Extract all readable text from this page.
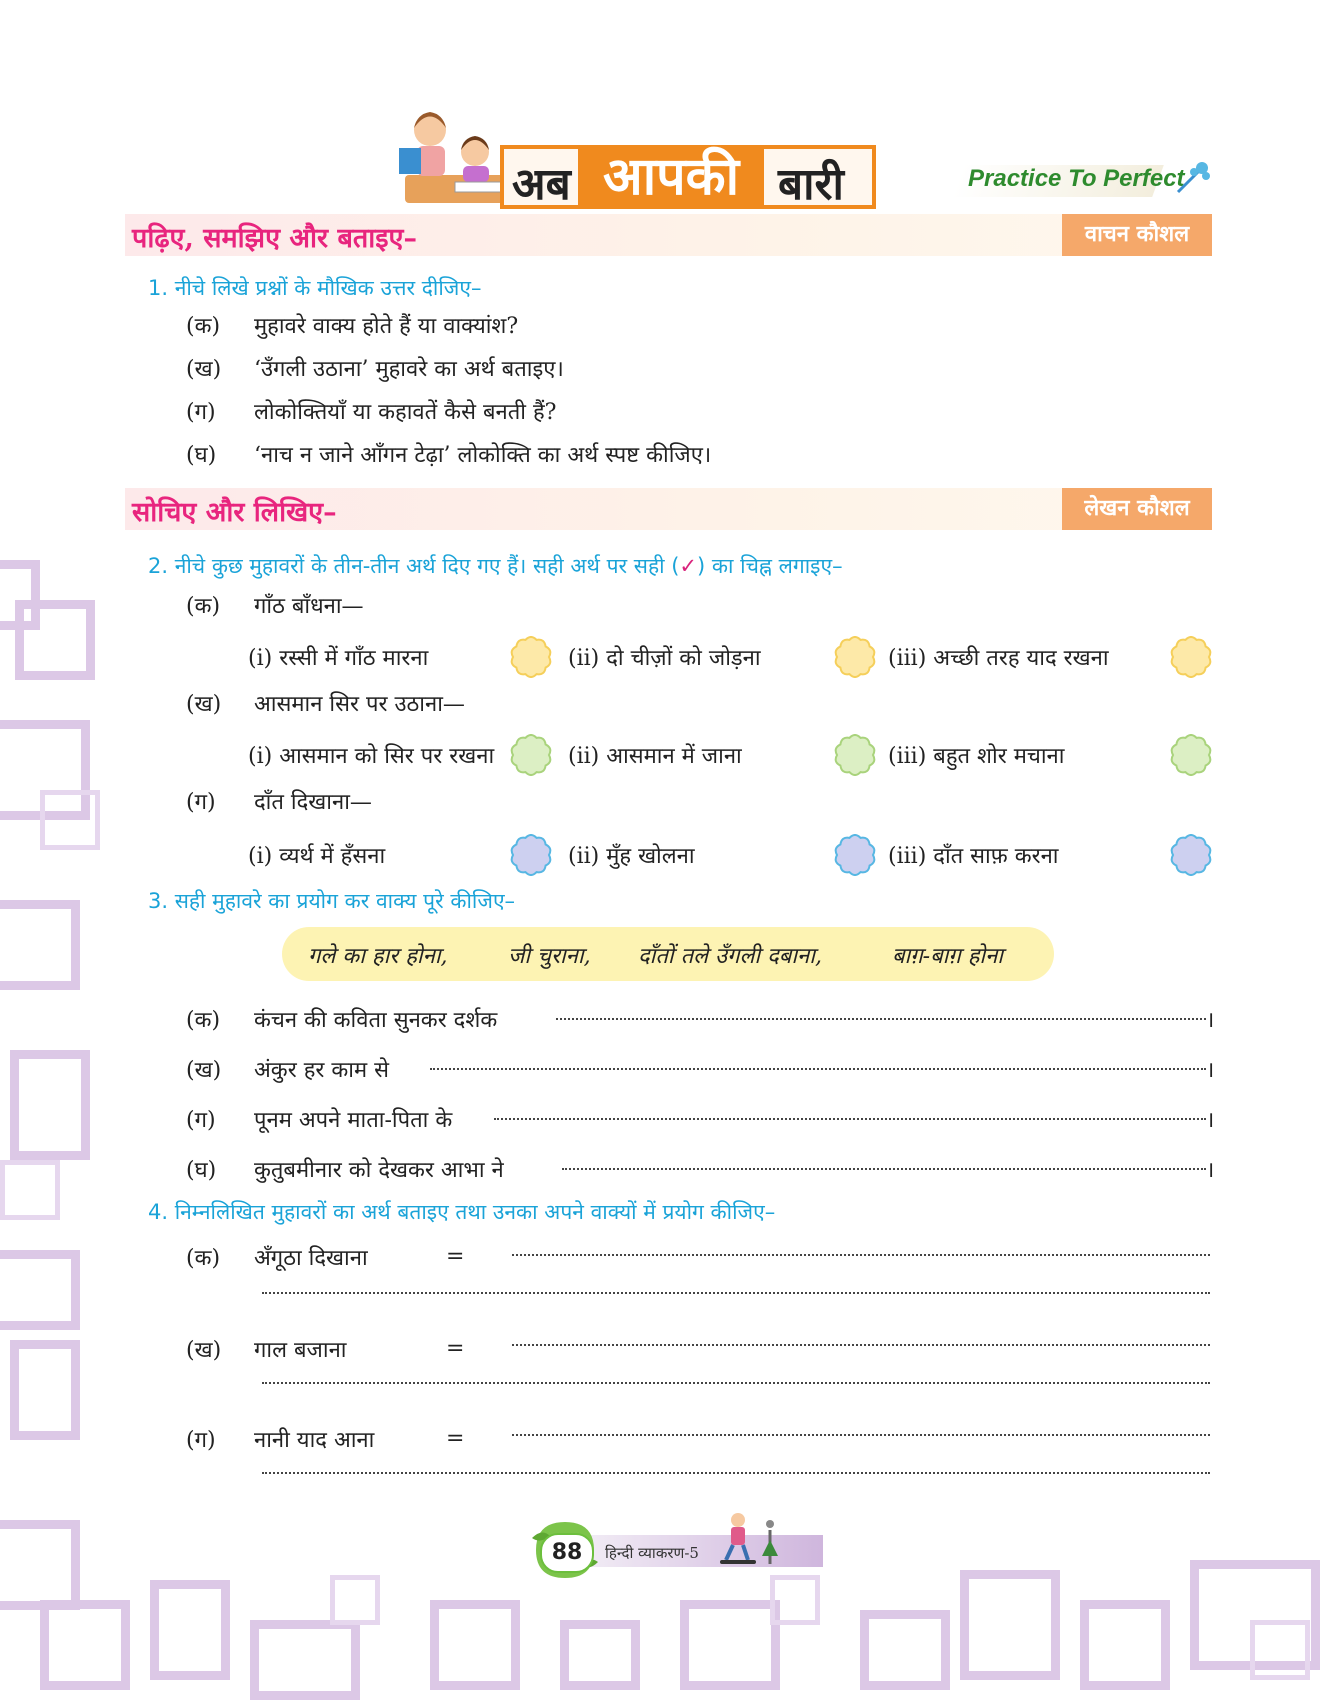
अब आपकी बारी	Practice To Perfect
पढ़िए, समझिए और बताइए–	वाचन कौशल
1. नीचे लिखे प्रश्नों के मौखिक उत्तर दीजिए–
(क) मुहावरे वाक्य होते हैं या वाक्यांश?
(ख) ‘उँगली उठाना’ मुहावरे का अर्थ बताइए।
(ग) लोकोक्तियाँ या कहावतें कैसे बनती हैं?
(घ) ‘नाच न जाने आँगन टेढ़ा’ लोकोक्ति का अर्थ स्पष्ट कीजिए।
सोचिए और लिखिए–	लेखन कौशल
2. नीचे कुछ मुहावरों के तीन-तीन अर्थ दिए गए हैं। सही अर्थ पर सही (✓) का चिह्न लगाइए–
(क) गाँठ बाँधना—
(i) रस्सी में गाँठ मारना	(ii) दो चीज़ों को जोड़ना	(iii) अच्छी तरह याद रखना
(ख) आसमान सिर पर उठाना—
(i) आसमान को सिर पर रखना	(ii) आसमान में जाना	(iii) बहुत शोर मचाना
(ग) दाँत दिखाना—
(i) व्यर्थ में हँसना	(ii) मुँह खोलना	(iii) दाँत साफ़ करना
3. सही मुहावरे का प्रयोग कर वाक्य पूरे कीजिए–
गले का हार होना,	जी चुराना, दाँतों तले उँगली दबाना,	बाग़-बाग़ होना
(क) कंचन की कविता सुनकर दर्शक	।
(ख) अंकुर हर काम से	।
(ग) पूनम अपने माता-पिता के	।
(घ) कुतुबमीनार को देखकर आभा ने	।
4. निम्नलिखित मुहावरों का अर्थ बताइए तथा उनका अपने वाक्यों में प्रयोग कीजिए–
(क) अँगूठा दिखाना	=
(ख) गाल बजाना	=
(ग) नानी याद आना	=
88	हिन्दी व्याकरण-5
